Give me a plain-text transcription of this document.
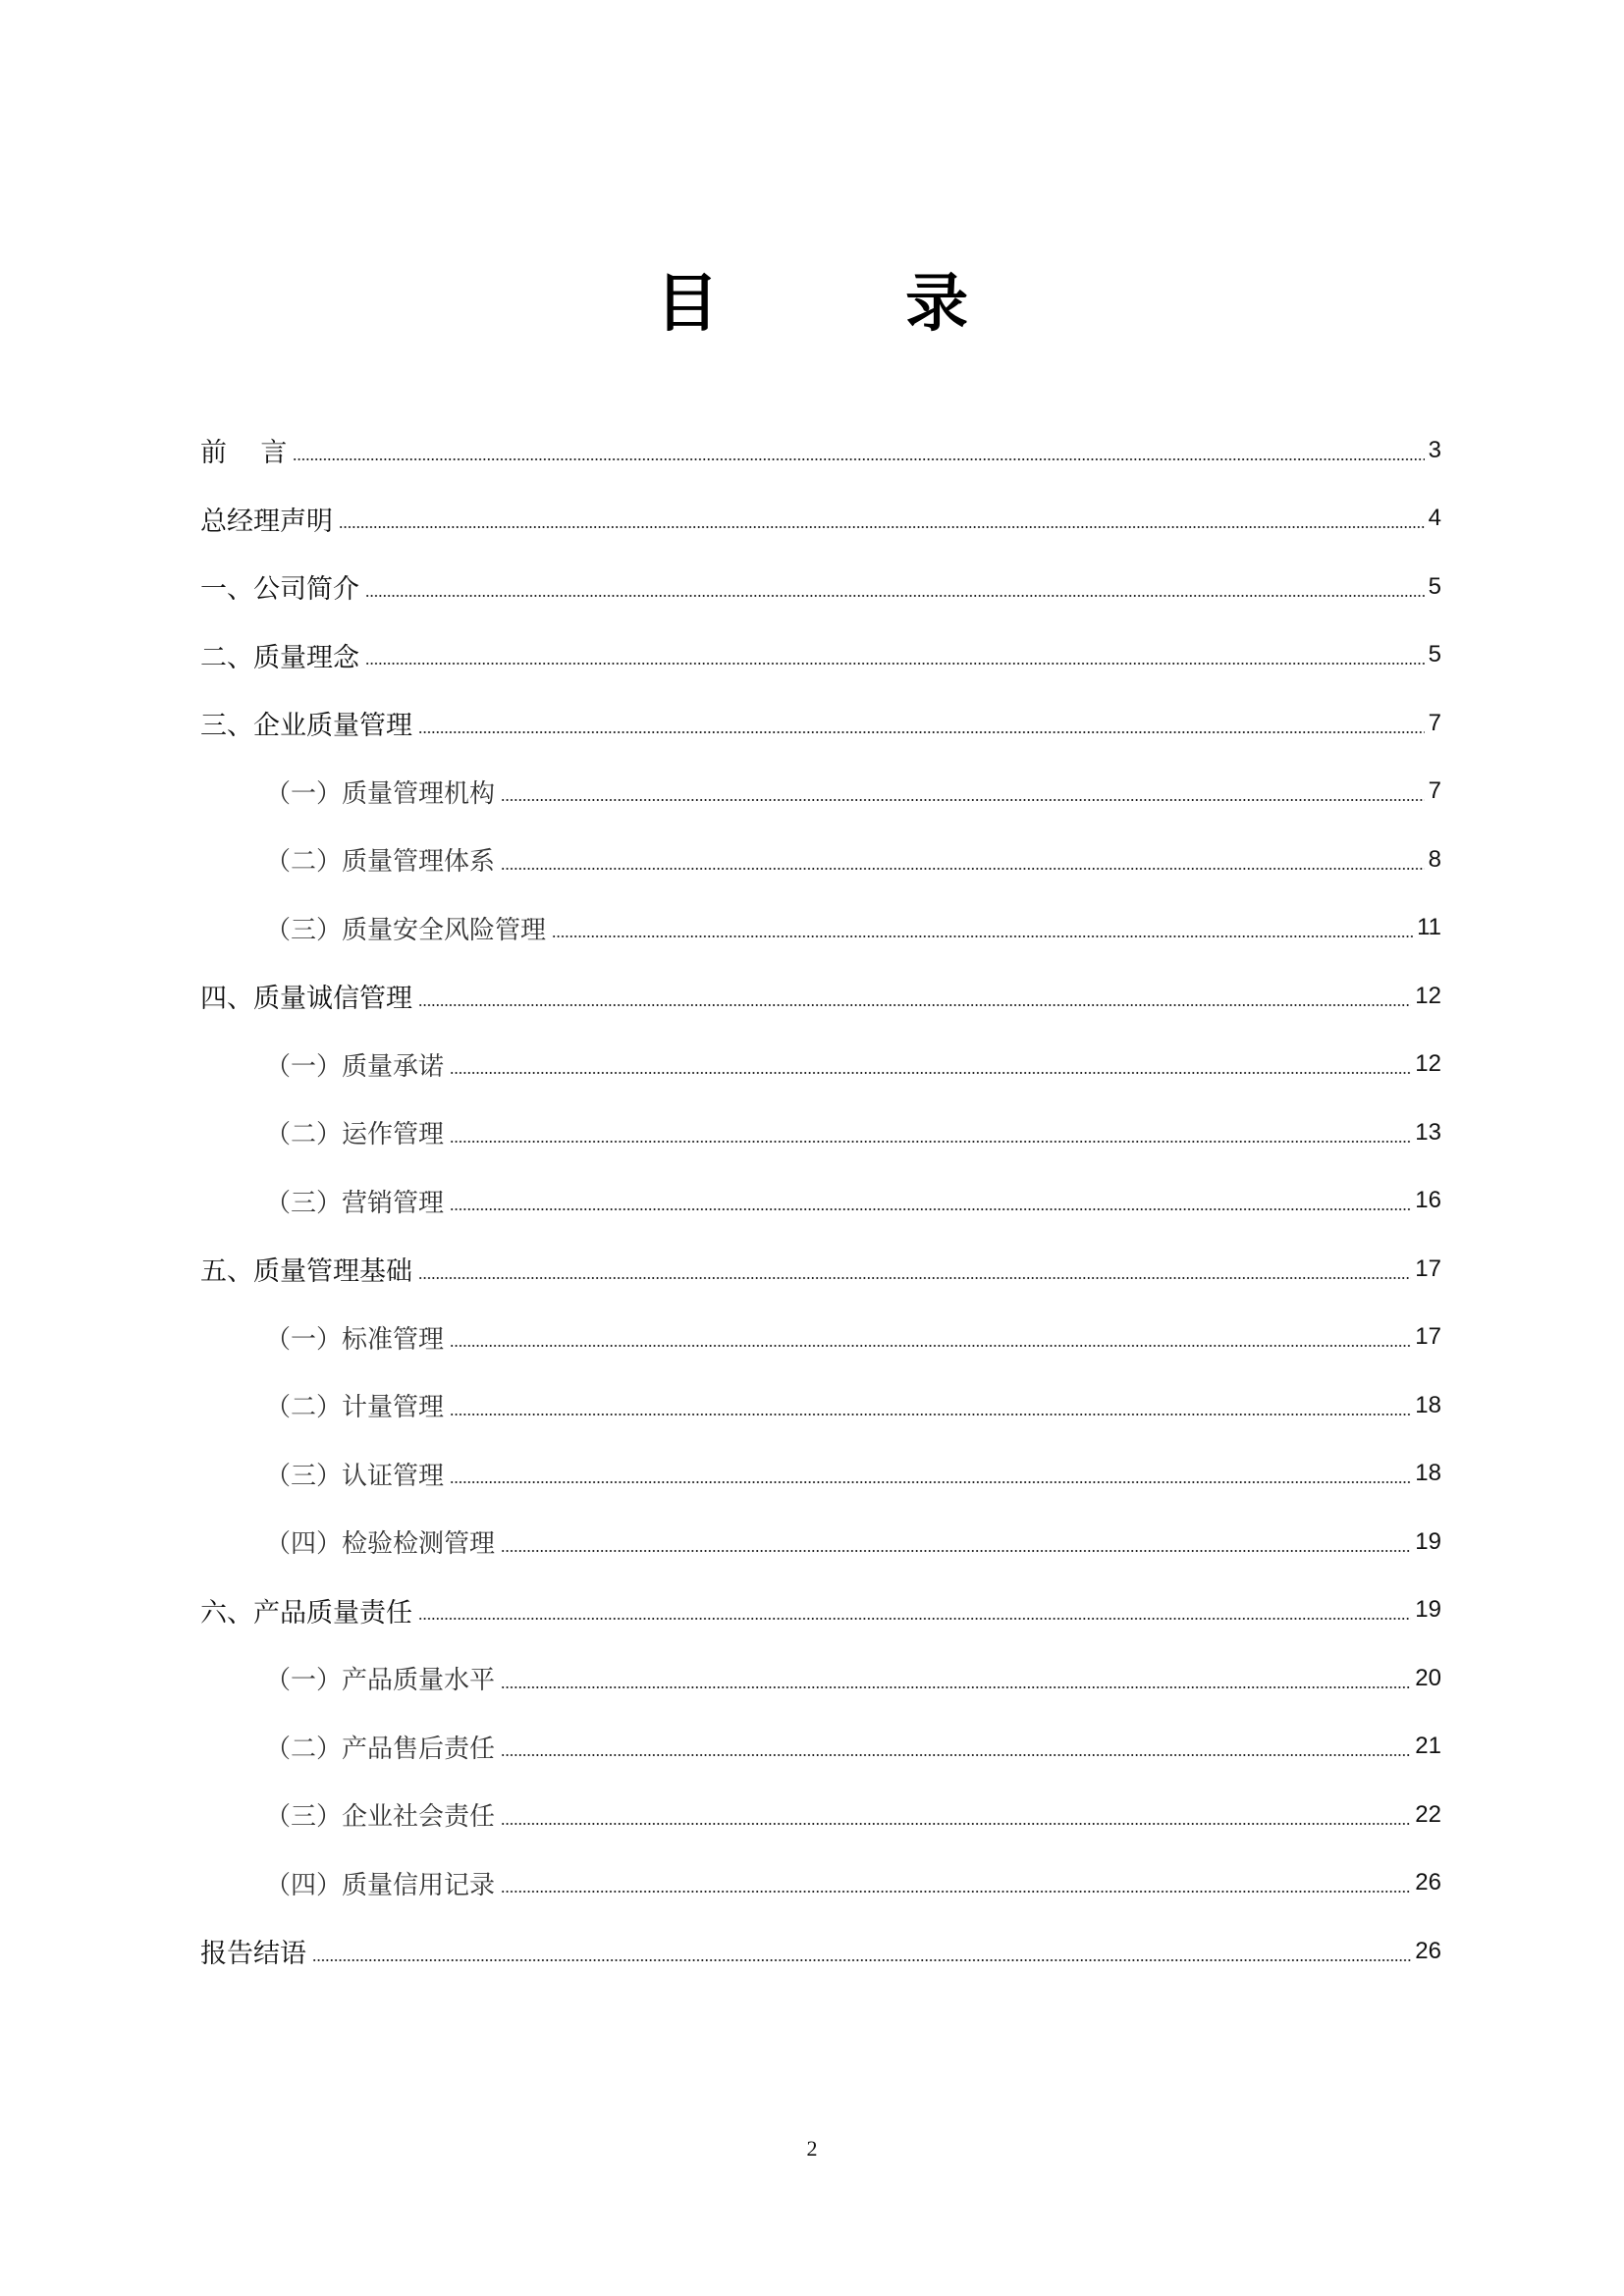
目 录
前    言	3
总经理声明	4
一、公司简介	5
二、质量理念	5
三、企业质量管理	7
（一）质量管理机构	7
（二）质量管理体系	8
（三）质量安全风险管理	11
四、质量诚信管理	12
（一）质量承诺	12
（二）运作管理	13
（三）营销管理	16
五、质量管理基础	17
（一）标准管理	17
（二）计量管理	18
（三）认证管理	18
（四）检验检测管理	19
六、产品质量责任	19
（一）产品质量水平	20
（二）产品售后责任	21
（三）企业社会责任	22
（四）质量信用记录	26
报告结语	26
2
